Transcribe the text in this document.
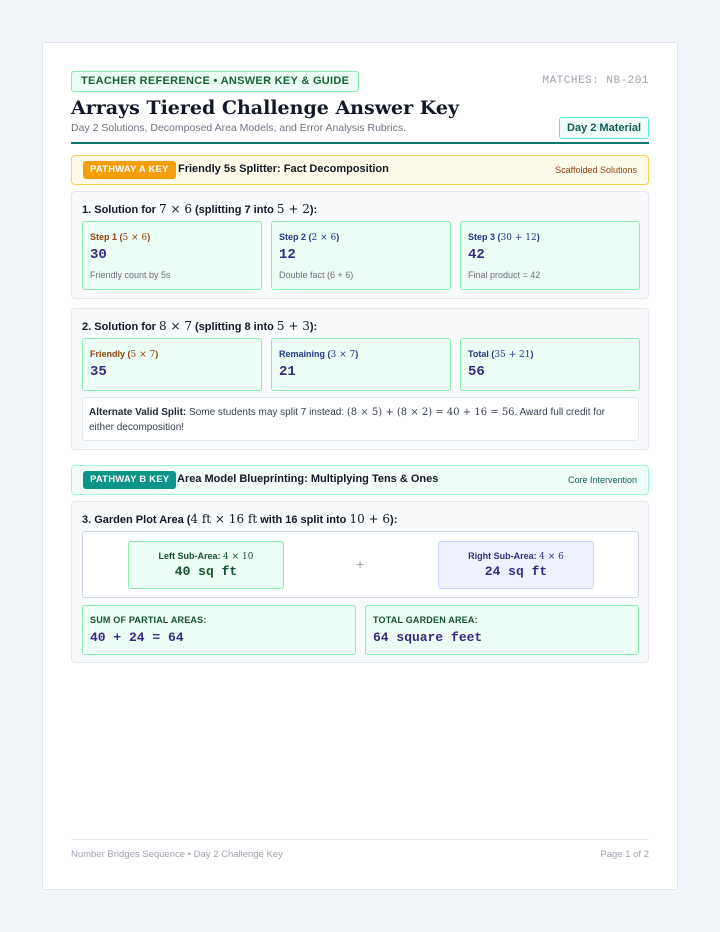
TEACHER REFERENCE • ANSWER KEY & GUIDE	MATCHES: NB-201
Arrays Tiered Challenge Answer Key
Day 2 Solutions, Decomposed Area Models, and Error Analysis Rubrics.	Day 2 Material
PATHWAY A KEY Friendly 5s Splitter: Fact Decomposition	Scaffolded Solutions
1. Solution for 7 × 6 (splitting 7 into 5 + 2):
Step 1 (5 × 6)
30
Friendly count by 5s
Step 2 (2 × 6)
12
Double fact (6 + 6)
Step 3 (30 + 12)
42
Final product = 42
2. Solution for 8 × 7 (splitting 8 into 5 + 3):
Friendly (5 × 7)
35
Remaining (3 × 7)
21
Total (35 + 21)
56
Alternate Valid Split: Some students may split 7 instead: (8 × 5) + (8 × 2) = 40 + 16 = 56. Award full credit for either decomposition!
PATHWAY B KEY Area Model Blueprinting: Multiplying Tens & Ones	Core Intervention
3. Garden Plot Area (4 ft × 16 ft with 16 split into 10 + 6):
Left Sub-Area: 4 × 10
40 sq ft	+	Right Sub-Area: 4 × 6
24 sq ft
SUM OF PARTIAL AREAS:
40 + 24 = 64
TOTAL GARDEN AREA:
64 square feet
Number Bridges Sequence • Day 2 Challenge Key	Page 1 of 2
